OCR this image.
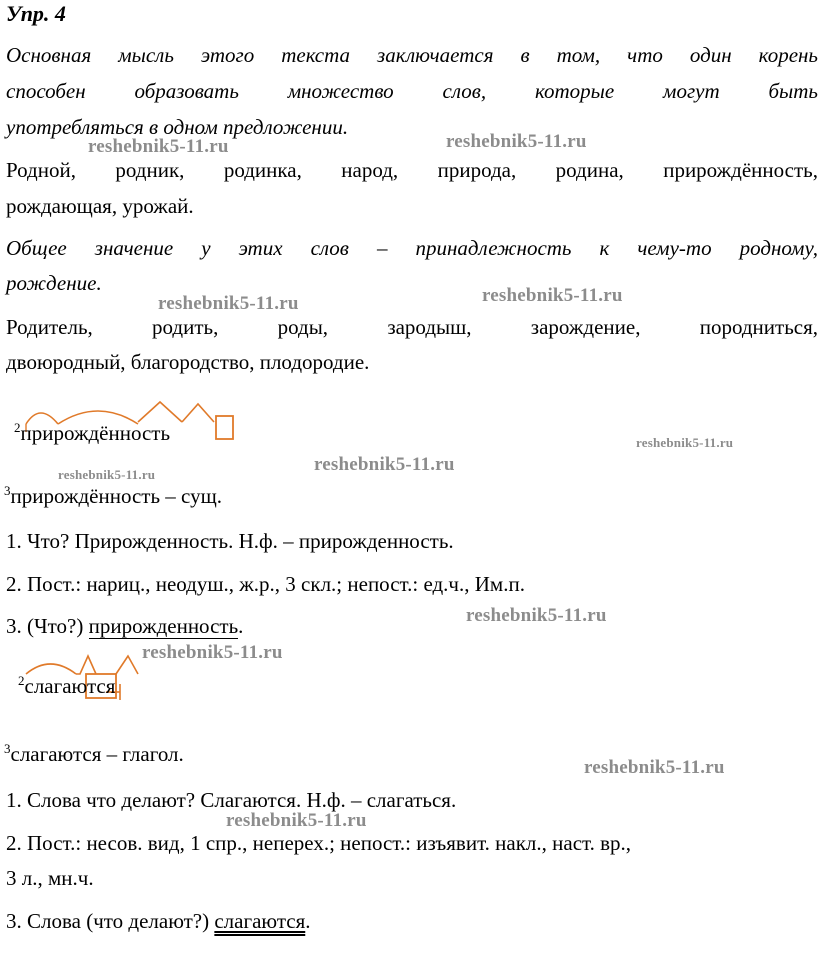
Упр. 4
Основная мысль этого текста заключается в том, что один корень
способен образовать множество слов, которые могут быть
употребляться в одном предложении.
Родной, родник, родинка, народ, природа, родина, прирождённость,
рождающая, урожай.
Общее значение у этих слов – принадлежность к чему-то родному,
рождение.
Родитель, родить, роды, зародыш, зарождение, породниться,
двоюродный, благородство, плодородие.
$^2$прирождённость
$^3$прирождённость – сущ.
1. Что? Прирожденность. Н.ф. – прирожденность.
2. Пост.: нариц., неодуш., ж.р., 3 скл.; непост.: ед.ч., Им.п.
3. (Что?) прирожденность.
$^2$слагаются
$^3$слагаются – глагол.
1. Слова что делают? Слагаются. Н.ф. – слагаться.
2. Пост.: несов. вид, 1 спр., неперех.; непост.: изъявит. накл., наст. вр.,
3 л., мн.ч.
3. Слова (что делают?) слагаются.
reshebnik5-11.ru	reshebnik5-11.ru
reshebnik5-11.ru	reshebnik5-11.ru
reshebnik5-11.ru
reshebnik5-11.ru
reshebnik5-11.ru
reshebnik5-11.ru
reshebnik5-11.ru
reshebnik5-11.ru
reshebnik5-11.ru
